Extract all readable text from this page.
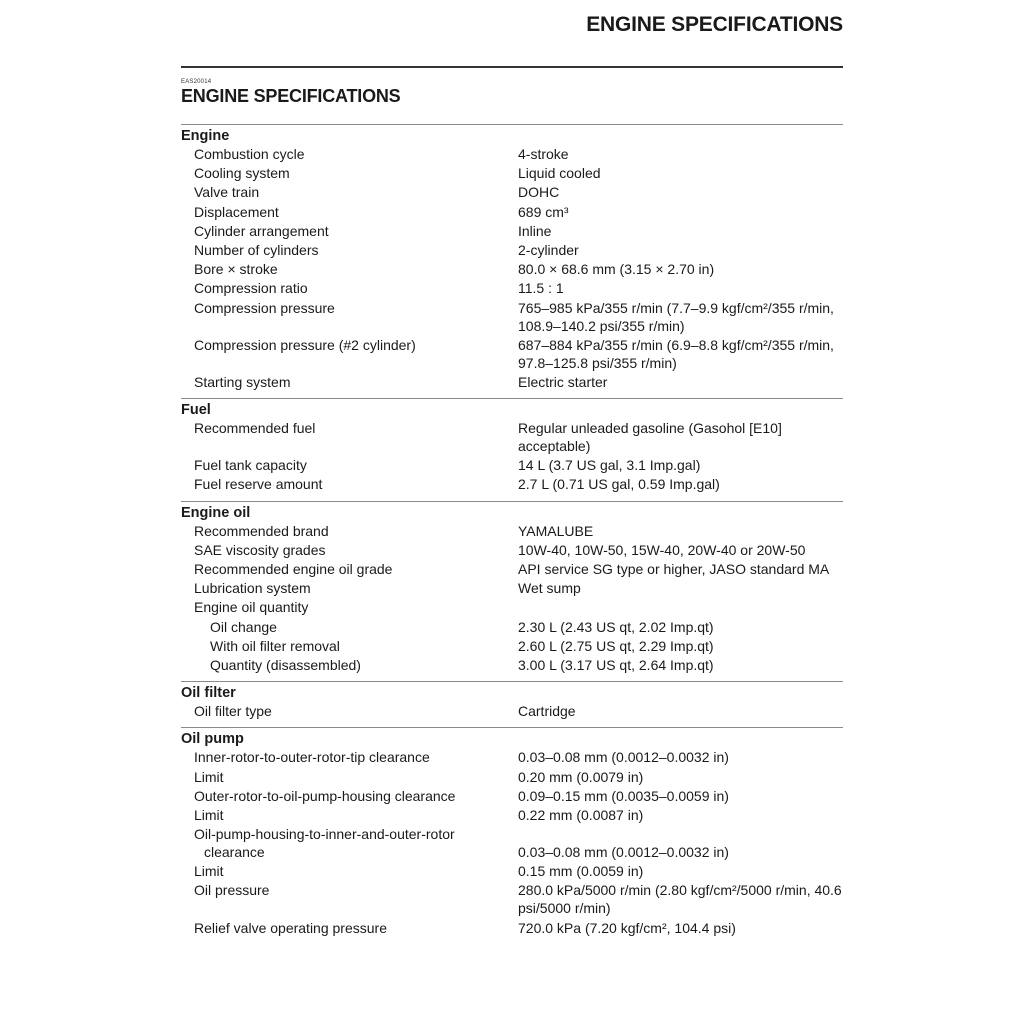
ENGINE SPECIFICATIONS
EAS20014
ENGINE SPECIFICATIONS
Engine
Combustion cycle	4-stroke
Cooling system	Liquid cooled
Valve train	DOHC
Displacement	689 cm³
Cylinder arrangement	Inline
Number of cylinders	2-cylinder
Bore × stroke	80.0 × 68.6 mm (3.15 × 2.70 in)
Compression ratio	11.5 : 1
Compression pressure	765–985 kPa/355 r/min (7.7–9.9 kgf/cm²/355 r/min, 108.9–140.2 psi/355 r/min)
Compression pressure (#2 cylinder)	687–884 kPa/355 r/min (6.9–8.8 kgf/cm²/355 r/min, 97.8–125.8 psi/355 r/min)
Starting system	Electric starter
Fuel
Recommended fuel	Regular unleaded gasoline (Gasohol [E10] acceptable)
Fuel tank capacity	14 L (3.7 US gal, 3.1 Imp.gal)
Fuel reserve amount	2.7 L (0.71 US gal, 0.59 Imp.gal)
Engine oil
Recommended brand	YAMALUBE
SAE viscosity grades	10W-40, 10W-50, 15W-40, 20W-40 or 20W-50
Recommended engine oil grade	API service SG type or higher, JASO standard MA
Lubrication system	Wet sump
Engine oil quantity
Oil change	2.30 L (2.43 US qt, 2.02 Imp.qt)
With oil filter removal	2.60 L (2.75 US qt, 2.29 Imp.qt)
Quantity (disassembled)	3.00 L (3.17 US qt, 2.64 Imp.qt)
Oil filter
Oil filter type	Cartridge
Oil pump
Inner-rotor-to-outer-rotor-tip clearance	0.03–0.08 mm (0.0012–0.0032 in)
Limit	0.20 mm (0.0079 in)
Outer-rotor-to-oil-pump-housing clearance	0.09–0.15 mm (0.0035–0.0059 in)
Limit	0.22 mm (0.0087 in)
Oil-pump-housing-to-inner-and-outer-rotor
clearance	0.03–0.08 mm (0.0012–0.0032 in)
Limit	0.15 mm (0.0059 in)
Oil pressure	280.0 kPa/5000 r/min (2.80 kgf/cm²/5000 r/min, 40.6 psi/5000 r/min)
Relief valve operating pressure	720.0 kPa (7.20 kgf/cm², 104.4 psi)
